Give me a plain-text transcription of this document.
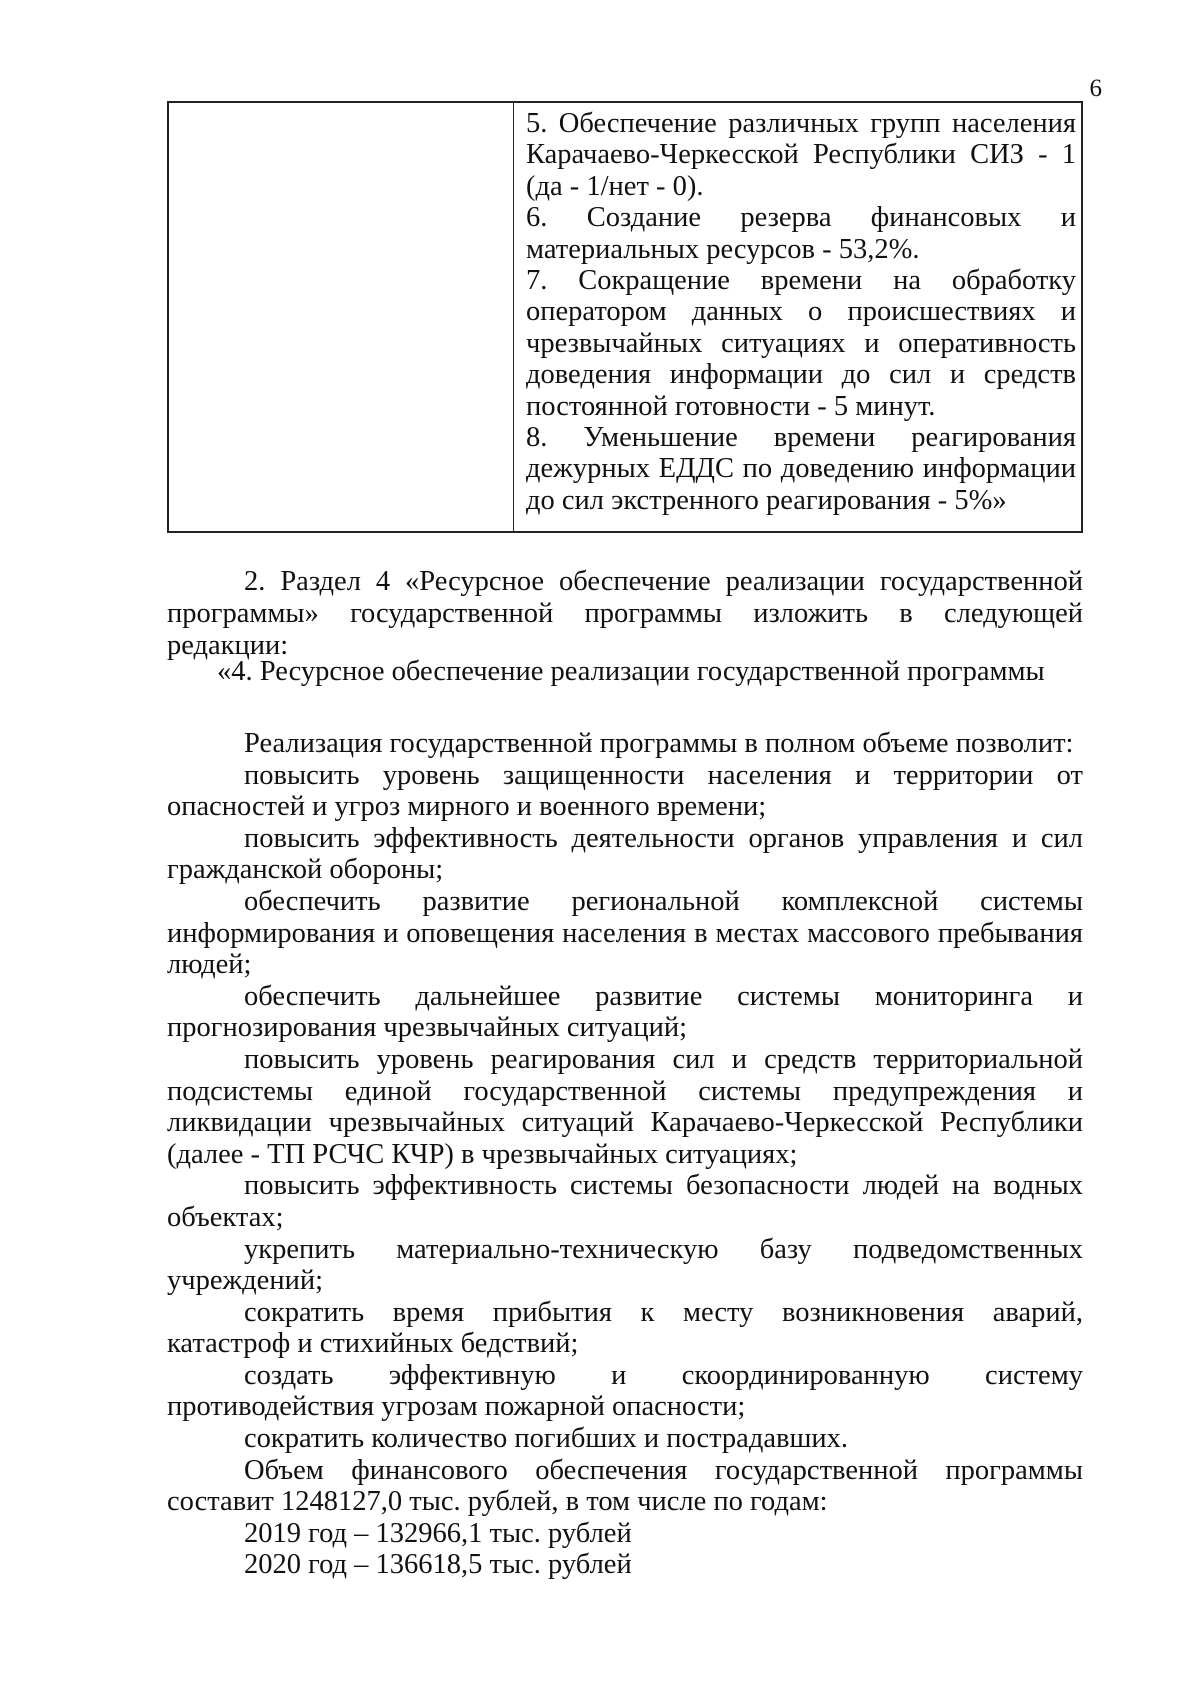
6

5. Обеспечение различных групп населения Карачаево-Черкесской Республики СИЗ - 1 (да - 1/нет - 0).

6. Создание резерва финансовых и материальных ресурсов - 53,2%.

7. Сокращение времени на обработку оператором данных о происшествиях и чрезвычайных ситуациях и оперативность доведения информации до сил и средств постоянной готовности - 5 минут.

8. Уменьшение времени реагирования дежурных ЕДДС по доведению информации до сил экстренного реагирования - 5%»

2. Раздел 4 «Ресурсное обеспечение реализации государственной программы» государственной программы изложить в следующей редакции:

«4. Ресурсное обеспечение реализации государственной программы

Реализация государственной программы в полном объеме позволит:

повысить уровень защищенности населения и территории от опасностей и угроз мирного и военного времени;

повысить эффективность деятельности органов управления и сил гражданской обороны;

обеспечить развитие региональной комплексной системы информирования и оповещения населения в местах массового пребывания людей;

обеспечить дальнейшее развитие системы мониторинга и прогнозирования чрезвычайных ситуаций;

повысить уровень реагирования сил и средств территориальной подсистемы единой государственной системы предупреждения и ликвидации чрезвычайных ситуаций Карачаево-Черкесской Республики (далее - ТП РСЧС КЧР) в чрезвычайных ситуациях;

повысить эффективность системы безопасности людей на водных объектах;

укрепить материально-техническую базу подведомственных учреждений;

сократить время прибытия к месту возникновения аварий, катастроф и стихийных бедствий;

создать эффективную и скоординированную систему противодействия угрозам пожарной опасности;

сократить количество погибших и пострадавших.

Объем финансового обеспечения государственной программы составит 1248127,0 тыс. рублей, в том числе по годам:

2019 год – 132966,1 тыс. рублей

2020 год – 136618,5 тыс. рублей
